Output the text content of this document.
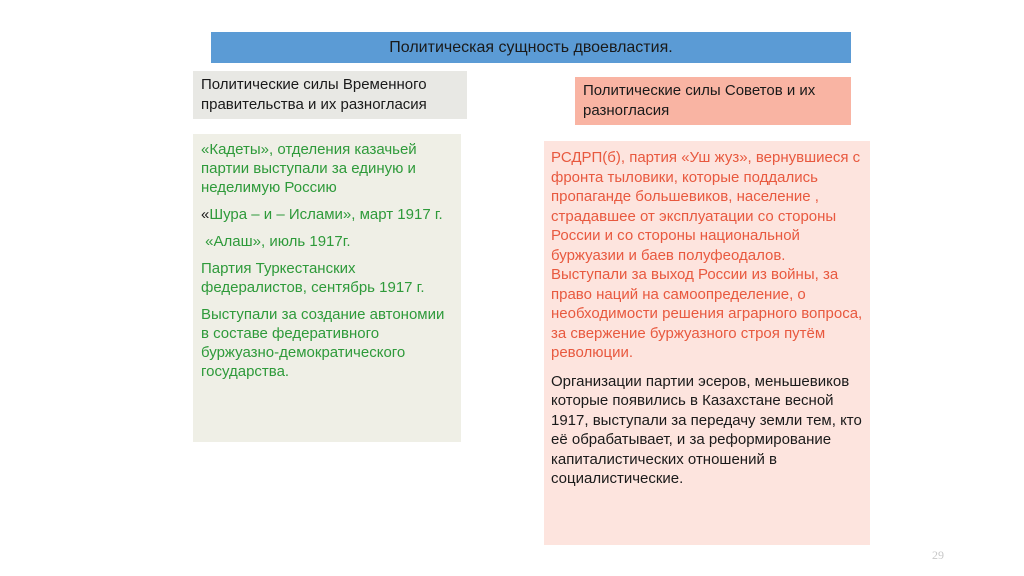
Политическая сущность двоевластия.
Политические силы Временного правительства и их разногласия
Политические силы Советов и их разногласия

«Кадеты», отделения казачьей партии выступали за единую и неделимую Россию

«Шура – и – Ислами», март 1917 г.

«Алаш», июль 1917г.

Партия Туркестанских федералистов, сентябрь 1917 г.

Выступали за создание автономии в составе федеративного буржуазно-демократического государства.

РСДРП(б), партия «Уш жуз», вернувшиеся с фронта тыловики, которые поддались пропаганде большевиков, население , страдавшее от эксплуатации со стороны России и со стороны национальной буржуазии и баев полуфеодалов. Выступали за выход России из войны, за право наций на самоопределение, о необходимости решения аграрного вопроса, за свержение буржуазного строя путём революции.

Организации партии эсеров, меньшевиков которые появились в Казахстане весной 1917, выступали за передачу земли тем, кто её обрабатывает, и за реформирование капиталистических отношений в социалистические.

29
